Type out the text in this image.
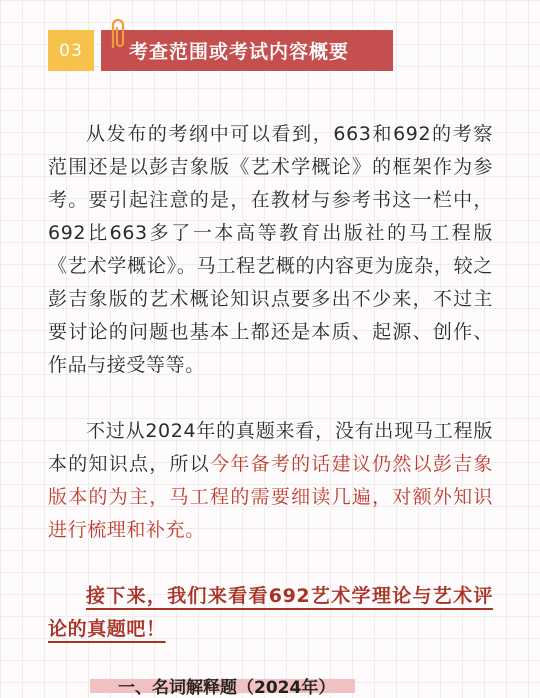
03 考查范围或考试内容概要

从发布的考纲中可以看到，663和692的考察范围还是以彭吉象版《艺术学概论》的框架作为参考。要引起注意的是，在教材与参考书这一栏中，692比663多了一本高等教育出版社的马工程版《艺术学概论》。马工程艺概的内容更为庞杂，较之彭吉象版的艺术概论知识点要多出不少来，不过主要讨论的问题也基本上都还是本质、起源、创作、作品与接受等等。

不过从2024年的真题来看，没有出现马工程版本的知识点，所以今年备考的话建议仍然以彭吉象版本的为主，马工程的需要细读几遍，对额外知识进行梳理和补充。

接下来，我们来看看692艺术学理论与艺术评论的真题吧！

一、名词解释题（2024年）
